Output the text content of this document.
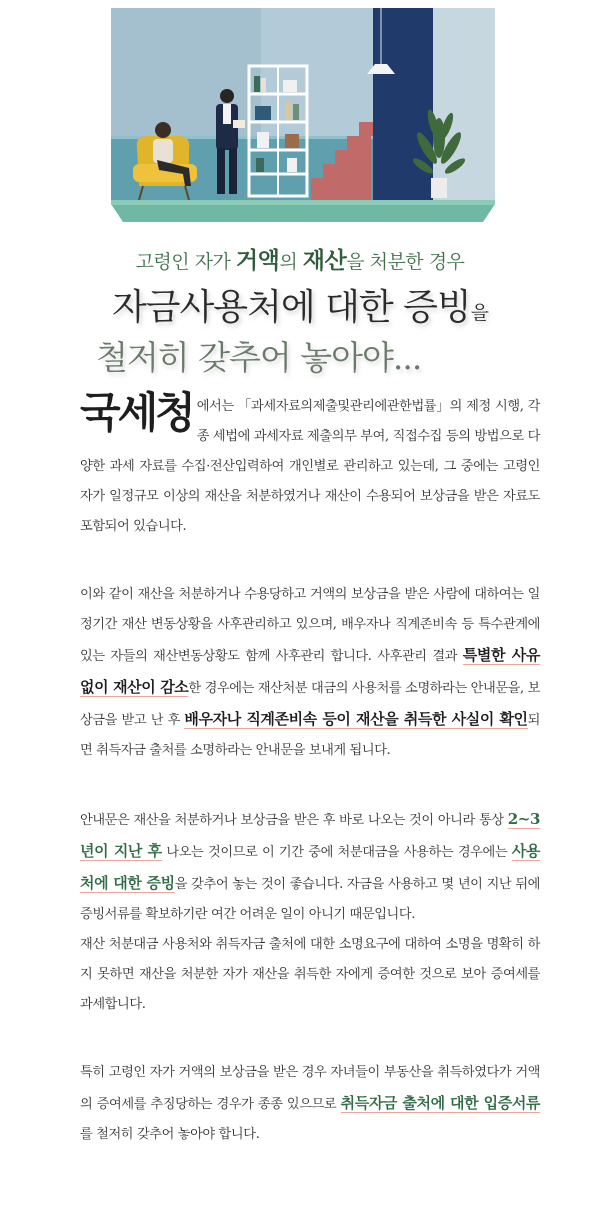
고령인 자가 거액의 재산을 처분한 경우
자금사용처에 대한 증빙을
철저히 갖추어 놓아야...

국세청 에서는 「과세자료의제출및관리에관한법률」의 제정 시행, 각종 세법에 과세자료 제출의무 부여, 직접수집 등의 방법으로 다양한 과세 자료를 수집·전산입력하여 개인별로 관리하고 있는데, 그 중에는 고령인 자가 일정규모 이상의 재산을 처분하였거나 재산이 수용되어 보상금을 받은 자료도 포함되어 있습니다.

이와 같이 재산을 처분하거나 수용당하고 거액의 보상금을 받은 사람에 대하여는 일정기간 재산 변동상황을 사후관리하고 있으며, 배우자나 직계존비속 등 특수관계에 있는 자들의 재산변동상황도 함께 사후관리 합니다. 사후관리 결과 특별한 사유 없이 재산이 감소한 경우에는 재산처분 대금의 사용처를 소명하라는 안내문을, 보상금을 받고 난 후 배우자나 직계존비속 등이 재산을 취득한 사실이 확인되면 취득자금 출처를 소명하라는 안내문을 보내게 됩니다.

안내문은 재산을 처분하거나 보상금을 받은 후 바로 나오는 것이 아니라 통상 2~3년이 지난 후 나오는 것이므로 이 기간 중에 처분대금을 사용하는 경우에는 사용처에 대한 증빙을 갖추어 놓는 것이 좋습니다. 자금을 사용하고 몇 년이 지난 뒤에 증빙서류를 확보하기란 여간 어려운 일이 아니기 때문입니다.

재산 처분대금 사용처와 취득자금 출처에 대한 소명요구에 대하여 소명을 명확히 하지 못하면 재산을 처분한 자가 재산을 취득한 자에게 증여한 것으로 보아 증여세를 과세합니다.

특히 고령인 자가 거액의 보상금을 받은 경우 자녀들이 부동산을 취득하였다가 거액의 증여세를 추징당하는 경우가 종종 있으므로 취득자금 출처에 대한 입증서류를 철저히 갖추어 놓아야 합니다.
